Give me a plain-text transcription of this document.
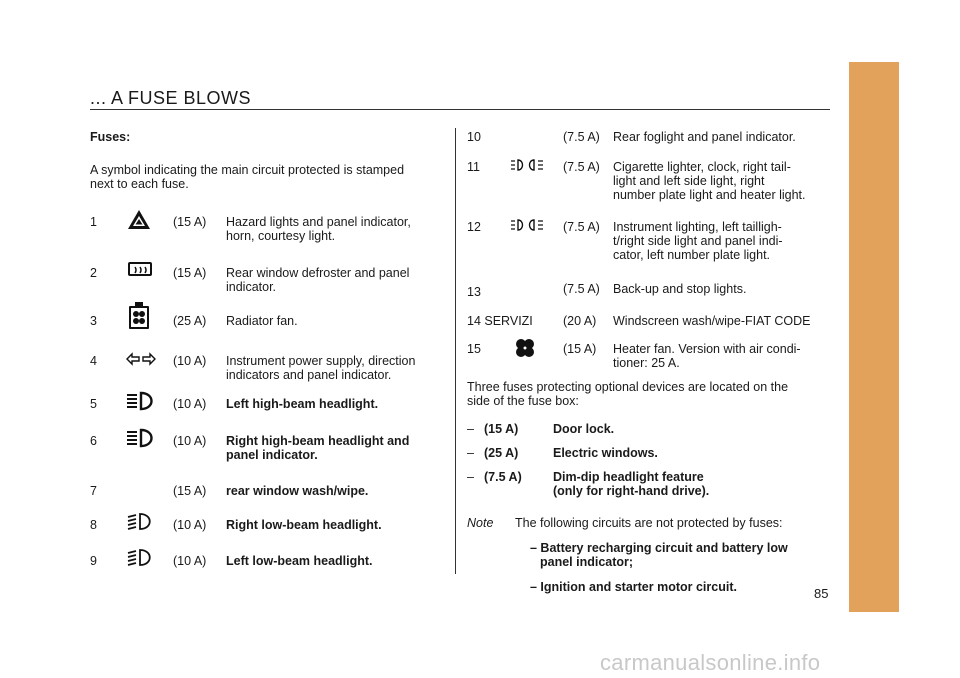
... A FUSE BLOWS
Fuses:
A symbol indicating the main circuit protected is stamped
next to each fuse.
1	(15 A) Hazard lights and panel indicator,
horn, courtesy light.
2	(15 A) Rear window defroster and panel
indicator.
3	(25 A) Radiator fan.
4	(10 A) Instrument power supply, direction
indicators and panel indicator.
5	(10 A) Left high-beam headlight.
6	(10 A) Right high-beam headlight and
panel indicator.
7	(15 A) rear window wash/wipe.
8	(10 A) Right low-beam headlight.
9	(10 A) Left low-beam headlight.
10	(7.5 A) Rear foglight and panel indicator.
11	(7.5 A) Cigarette lighter, clock, right tail-
light and left side light, right
number plate light and heater light.
12	(7.5 A) Instrument lighting, left tailligh-
t/right side light and panel indi-
cator, left number plate light.
13	(7.5 A) Back-up and stop lights.
14 SERVIZI (20 A) Windscreen wash/wipe-FIAT CODE
15	(15 A) Heater fan. Version with air condi-
tioner: 25 A.
Three fuses protecting optional devices are located on the
side of the fuse box:
– (15 A)	Door lock.
– (25 A)	Electric windows.
– (7.5 A)	Dim-dip headlight feature
(only for right-hand drive).
Note The following circuits are not protected by fuses:
– Battery recharging circuit and battery low
panel indicator;
– Ignition and starter motor circuit.	85
carmanualsonline.info
